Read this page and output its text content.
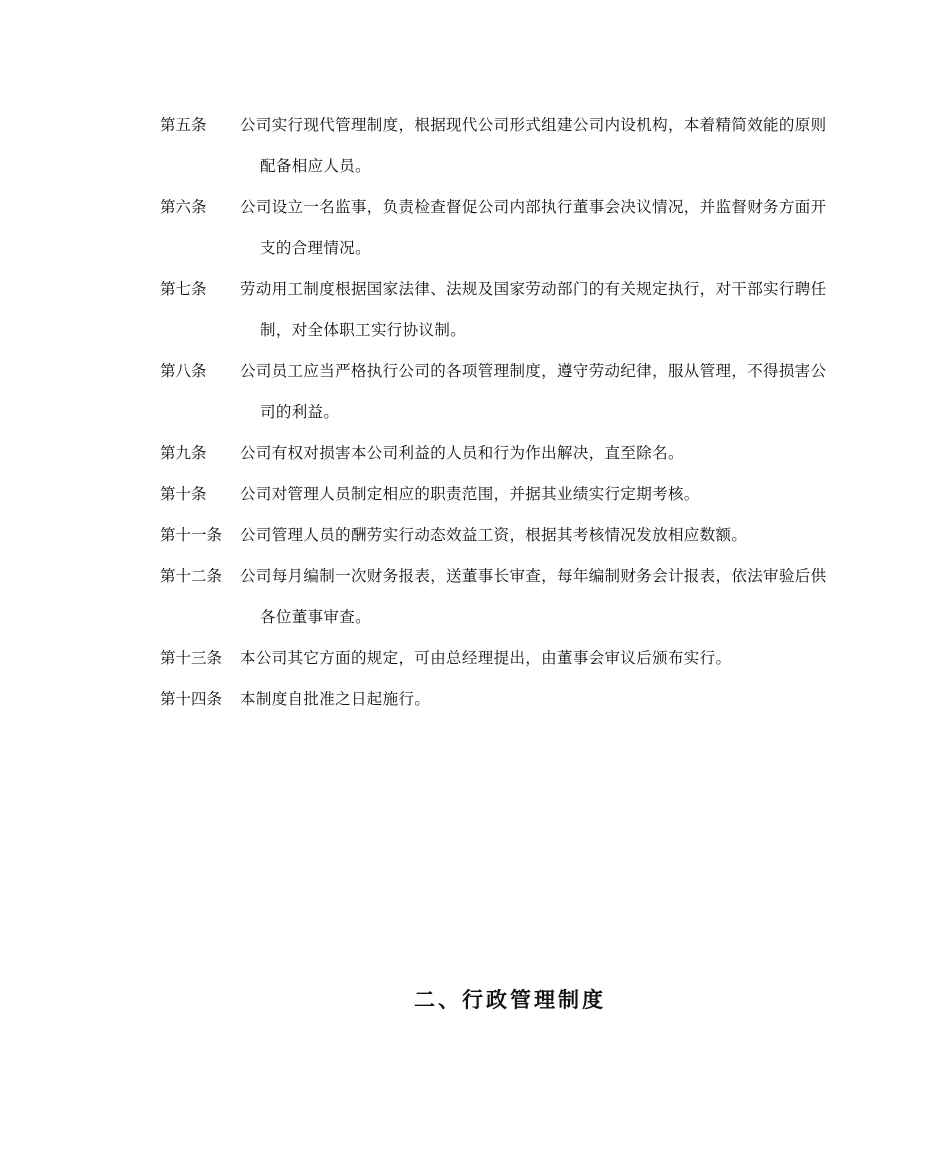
第五条 公司实行现代管理制度，根据现代公司形式组建公司内设机构，本着精简效能的原则
配备相应人员。
第六条 公司设立一名监事，负责检查督促公司内部执行董事会决议情况，并监督财务方面开
支的合理情况。
第七条 劳动用工制度根据国家法律、法规及国家劳动部门的有关规定执行，对干部实行聘任
制，对全体职工实行协议制。
第八条 公司员工应当严格执行公司的各项管理制度，遵守劳动纪律，服从管理，不得损害公
司的利益。
第九条 公司有权对损害本公司利益的人员和行为作出解决，直至除名。
第十条 公司对管理人员制定相应的职责范围，并据其业绩实行定期考核。
第十一条 公司管理人员的酬劳实行动态效益工资，根据其考核情况发放相应数额。
第十二条 公司每月编制一次财务报表，送董事长审查，每年编制财务会计报表，依法审验后供
各位董事审查。
第十三条 本公司其它方面的规定，可由总经理提出，由董事会审议后颁布实行。
第十四条 本制度自批准之日起施行。
二、行政管理制度
